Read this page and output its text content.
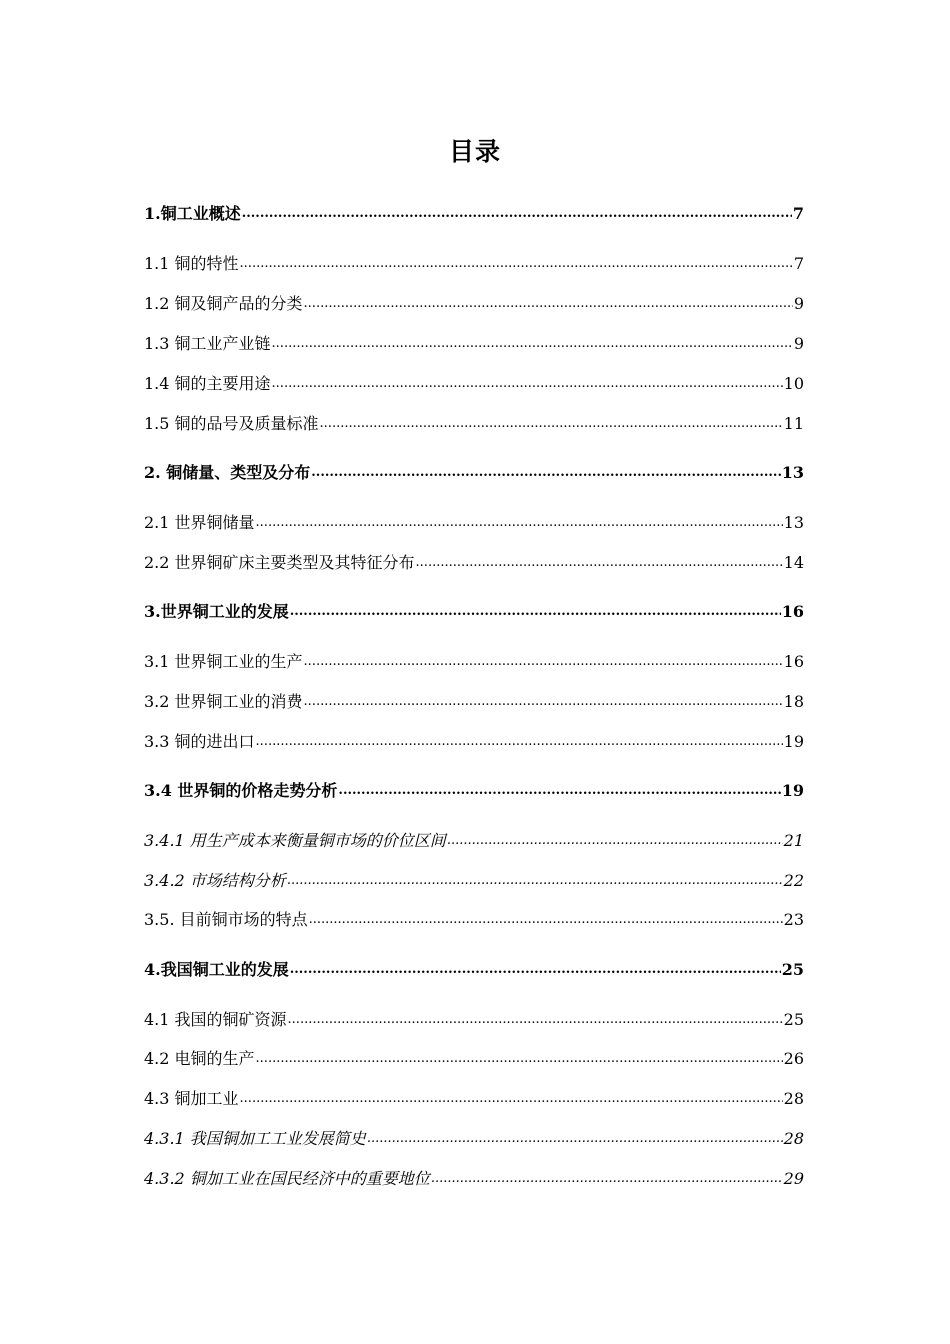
目录
1.铜工业概述 .....	7
1.1 铜的特性 .....	7
1.2 铜及铜产品的分类 .....	9
1.3 铜工业产业链 .....	9
1.4 铜的主要用途 .....	10
1.5 铜的品号及质量标准 .....	11
2. 铜储量、类型及分布 .....	13
2.1 世界铜储量 .....	13
2.2 世界铜矿床主要类型及其特征分布 .....	14
3.世界铜工业的发展 .....	16
3.1 世界铜工业的生产 .....	16
3.2 世界铜工业的消费 .....	18
3.3 铜的进出口 .....	19
3.4 世界铜的价格走势分析 .....	19
3.4.1 用生产成本来衡量铜市场的价位区间 .....	21
3.4.2 市场结构分析 .....	22
3.5. 目前铜市场的特点 .....	23
4.我国铜工业的发展 .....	25
4.1 我国的铜矿资源 .....	25
4.2 电铜的生产 .....	26
4.3 铜加工业 .....	28
4.3.1 我国铜加工工业发展简史 .....	28
4.3.2 铜加工业在国民经济中的重要地位 .....	29
